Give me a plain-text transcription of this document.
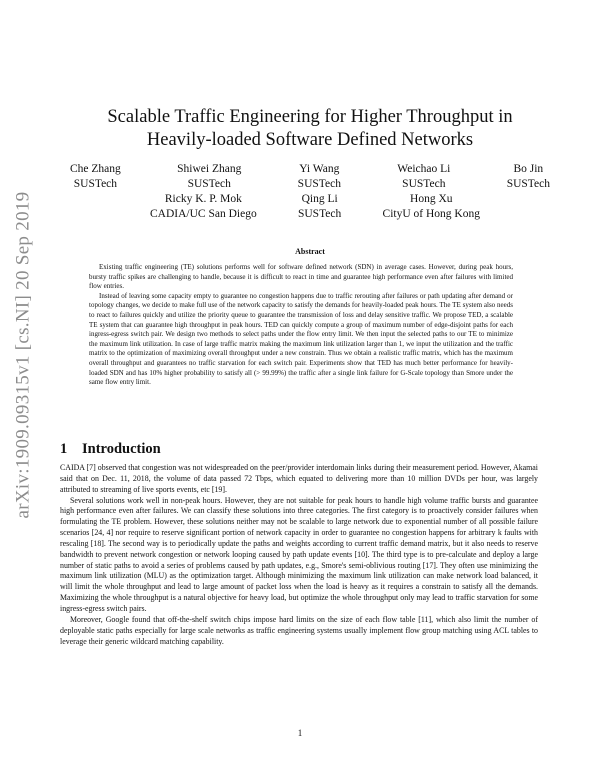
arXiv:1909.09315v1 [cs.NI] 20 Sep 2019
Scalable Traffic Engineering for Higher Throughput in
Heavily-loaded Software Defined Networks
Che Zhang
SUSTech
Shiwei Zhang
SUSTech
Yi Wang
SUSTech
Weichao Li
SUSTech
Bo Jin
SUSTech
Ricky K. P. Mok
CADIA/UC San Diego
Qing Li
SUSTech
Hong Xu
CityU of Hong Kong
Abstract

Existing traffic engineering (TE) solutions performs well for software defined network (SDN) in average cases. However, during peak hours, bursty traffic spikes are challenging to handle, because it is difficult to react in time and guarantee high performance even after failures with limited flow entries.

Instead of leaving some capacity empty to guarantee no congestion happens due to traffic rerouting after failures or path updating after demand or topology changes, we decide to make full use of the network capacity to satisfy the demands for heavily-loaded peak hours. The TE system also needs to react to failures quickly and utilize the priority queue to guarantee the transmission of loss and delay sensitive traffic. We propose TED, a scalable TE system that can guarantee high throughput in peak hours. TED can quickly compute a group of maximum number of edge-disjoint paths for each ingress-egress switch pair. We design two methods to select paths under the flow entry limit. We then input the selected paths to our TE to minimize the maximum link utilization. In case of large traffic matrix making the maximum link utilization larger than 1, we input the utilization and the traffic matrix to the optimization of maximizing overall throughput under a new constrain. Thus we obtain a realistic traffic matrix, which has the maximum overall throughput and guarantees no traffic starvation for each switch pair. Experiments show that TED has much better performance for heavily-loaded SDN and has 10% higher probability to satisfy all (> 99.99%) the traffic after a single link failure for G-Scale topology than Smore under the same flow entry limit.

1 Introduction

CAIDA [7] observed that congestion was not widespreaded on the peer/provider interdomain links during their measurement period. However, Akamai said that on Dec. 11, 2018, the volume of data passed 72 Tbps, which equated to delivering more than 10 million DVDs per hour, was largely attributed to streaming of live sports events, etc [19].

Several solutions work well in non-peak hours. However, they are not suitable for peak hours to handle high volume traffic bursts and guarantee high performance even after failures. We can classify these solutions into three categories. The first category is to proactively consider failures when formulating the TE problem. However, these solutions neither may not be scalable to large network due to exponential number of all possible failure scenarios [24, 4] nor require to reserve significant portion of network capacity in order to guarantee no congestion happens for arbitrary k faults with rescaling [18]. The second way is to periodically update the paths and weights according to current traffic demand matrix, but it also needs to reserve bandwidth to prevent network congestion or network looping caused by path update events [10]. The third type is to pre-calculate and deploy a large number of static paths to avoid a series of problems caused by path updates, e.g., Smore's semi-oblivious routing [17]. They often use minimizing the maximum link utilization (MLU) as the optimization target. Although minimizing the maximum link utilization can make network load balanced, it will limit the whole throughput and lead to large amount of packet loss when the load is heavy as it requires a constrain to satisfy all the demands. Maximizing the whole throughput is a natural objective for heavy load, but optimize the whole throughput only may lead to traffic starvation for some ingress-egress switch pairs.

Moreover, Google found that off-the-shelf switch chips impose hard limits on the size of each flow table [11], which also limit the number of deployable static paths especially for large scale networks as traffic engineering systems usually implement flow group matching using ACL tables to leverage their generic wildcard matching capability.

1
